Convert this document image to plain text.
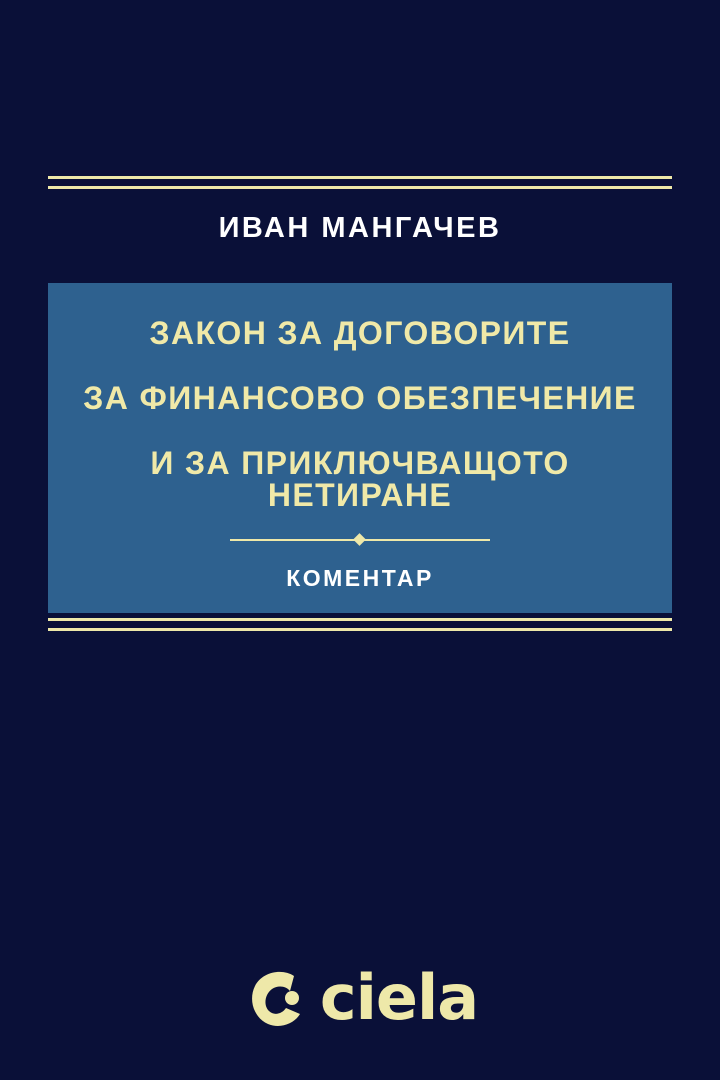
ИВАН МАНГАЧЕВ
ЗАКОН ЗА ДОГОВОРИТЕ
ЗА ФИНАНСОВО ОБЕЗПЕЧЕНИЕ
И ЗА ПРИКЛЮЧВАЩОТО НЕТИРАНЕ
КОМЕНТАР
ciela
